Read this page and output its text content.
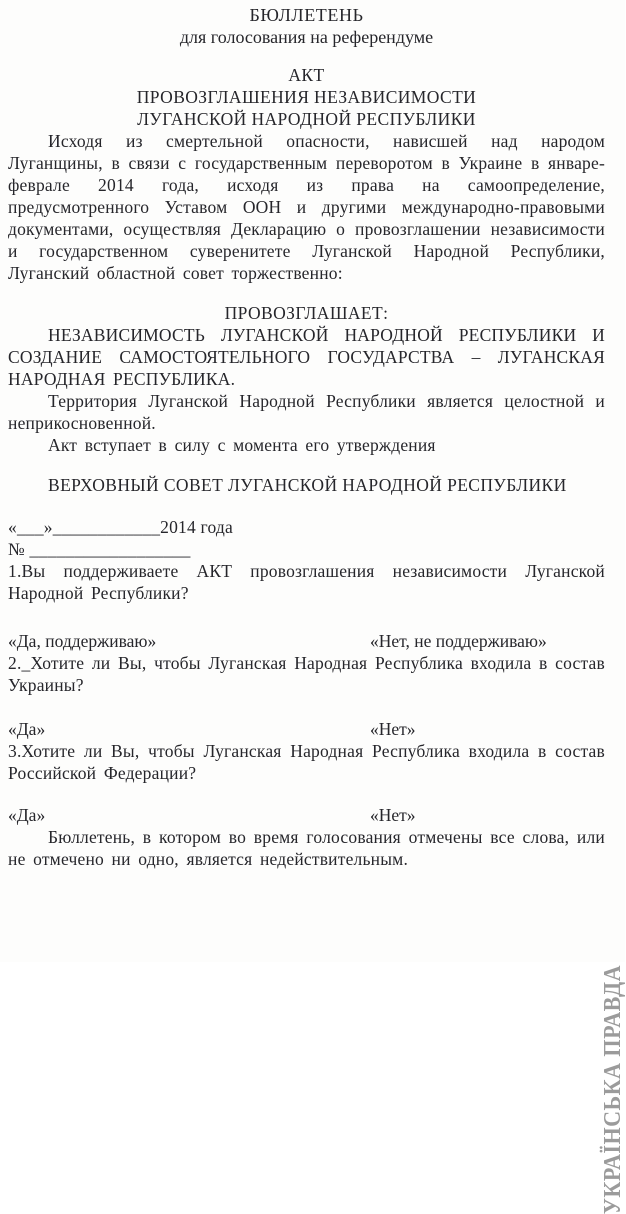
БЮЛЛЕТЕНЬ
для голосования на референдуме
АКТ
ПРОВОЗГЛАШЕНИЯ НЕЗАВИСИМОСТИ
ЛУГАНСКОЙ НАРОДНОЙ РЕСПУБЛИКИ

Исходя из смертельной опасности, нависшей над народом Луганщины, в связи с государственным переворотом в Украине в январе-феврале 2014 года, исходя из права на самоопределение, предусмотренного Уставом ООН и другими международно-правовыми документами, осуществляя Декларацию о провозглашении независимости и государственном суверенитете Луганской Народной Республики, Луганский областной совет торжественно:

ПРОВОЗГЛАШАЕТ:

НЕЗАВИСИМОСТЬ ЛУГАНСКОЙ НАРОДНОЙ РЕСПУБЛИКИ И СОЗДАНИЕ САМОСТОЯТЕЛЬНОГО ГОСУДАРСТВА – ЛУГАНСКАЯ НАРОДНАЯ РЕСПУБЛИКА.

Территория Луганской Народной Республики является целостной и неприкосновенной.

Акт вступает в силу с момента его утверждения

ВЕРХОВНЫЙ СОВЕТ ЛУГАНСКОЙ НАРОДНОЙ РЕСПУБЛИКИ
«___»____________2014 года
№ __________________

1.Вы поддерживаете АКТ провозглашения независимости Луганской Народной Республики?

«Да, поддерживаю»	«Нет, не поддерживаю»

2._Хотите ли Вы, чтобы Луганская Народная Республика входила в состав Украины?

«Да»	«Нет»

3.Хотите ли Вы, чтобы Луганская Народная Республика входила в состав Российской Федерации?

«Да»	«Нет»

Бюллетень, в котором во время голосования отмечены все слова, или не отмечено ни одно, является недействительным.

УКРАЇНСЬКА ПРАВДА
